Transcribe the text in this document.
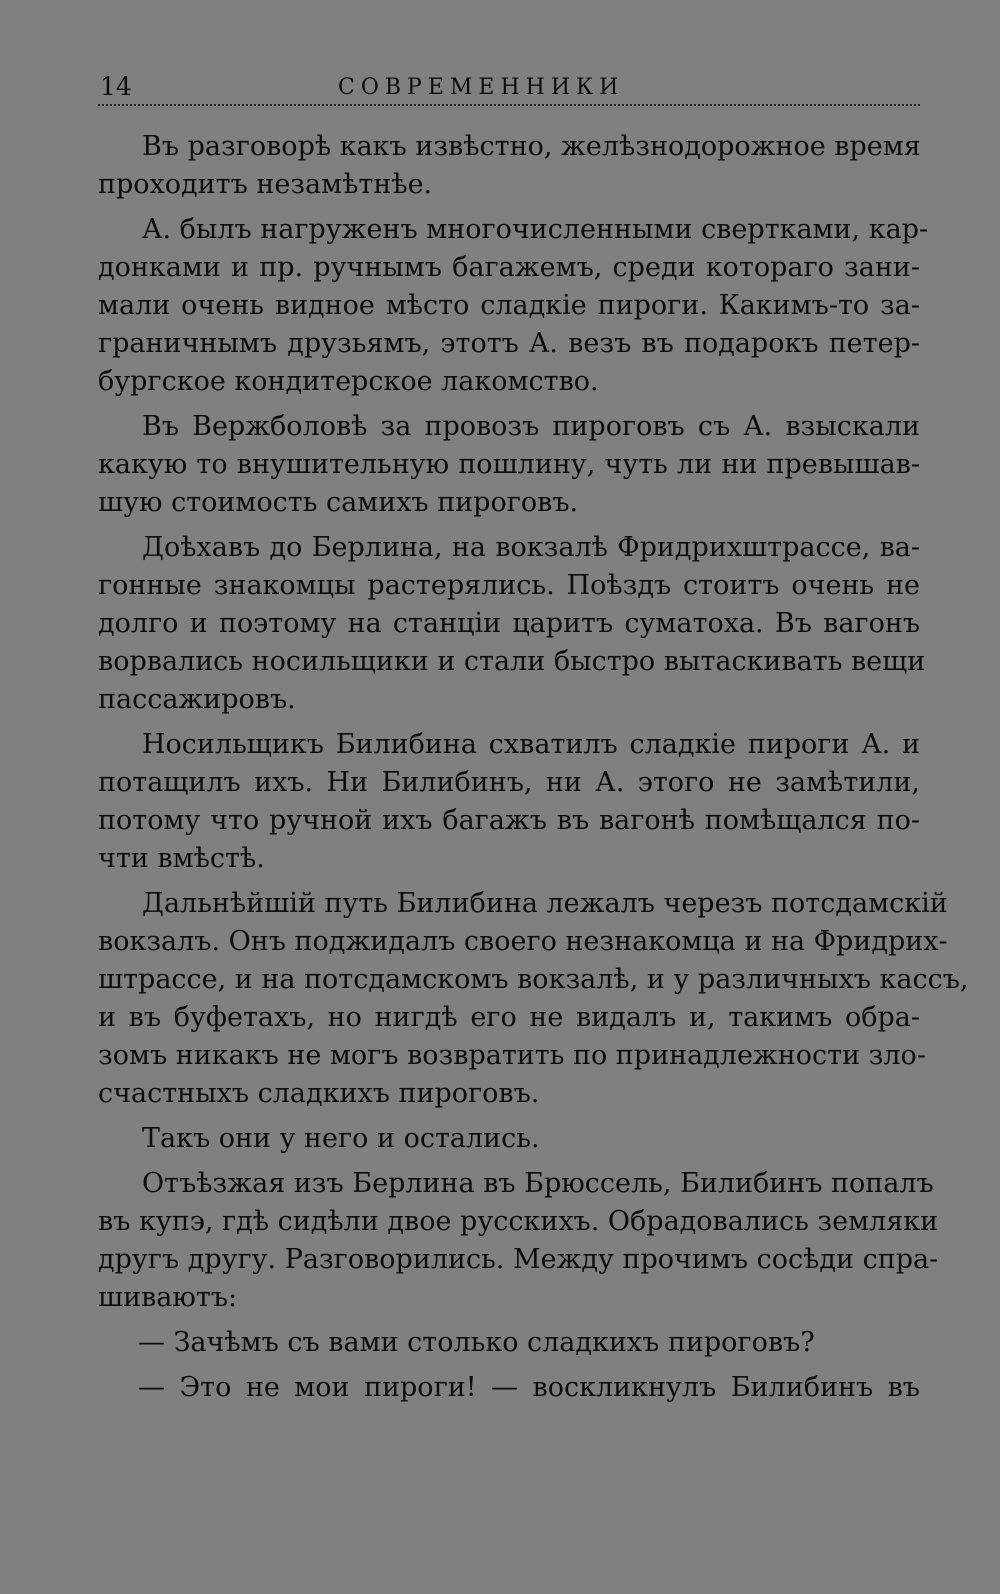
14	СОВРЕМЕННИКИ
Въ разговорѣ какъ извѣстно, желѣзнодорожное время
проходитъ незамѣтнѣе.
А. былъ нагруженъ многочисленными свертками, кар-
донками и пр. ручнымъ багажемъ, среди котораго зани-
мали очень видное мѣсто сладкіе пироги. Какимъ-то за-
граничнымъ друзьямъ, этотъ А. везъ въ подарокъ петер-
бургское кондитерское лакомство.
Въ Вержболовѣ за провозъ пироговъ съ А. взыскали
какую то внушительную пошлину, чуть ли ни превышав-
шую стоимость самихъ пироговъ.
Доѣхавъ до Берлина, на вокзалѣ Фридрихштрассе, ва-
гонные знакомцы растерялись. Поѣздъ стоитъ очень не
долго и поэтому на станціи царитъ суматоха. Въ вагонъ
ворвались носильщики и стали быстро вытаскивать вещи
пассажировъ.
Носильщикъ Билибина схватилъ сладкіе пироги А. и
потащилъ ихъ. Ни Билибинъ, ни А. этого не замѣтили,
потому что ручной ихъ багажъ въ вагонѣ помѣщался по-
чти вмѣстѣ.
Дальнѣйшій путь Билибина лежалъ черезъ потсдамскій
вокзалъ. Онъ поджидалъ своего незнакомца и на Фридрих-
штрассе, и на потсдамскомъ вокзалѣ, и у различныхъ кассъ,
и въ буфетахъ, но нигдѣ его не видалъ и, такимъ обра-
зомъ никакъ не могъ возвратить по принадлежности зло-
счастныхъ сладкихъ пироговъ.
Такъ они у него и остались.
Отъѣзжая изъ Берлина въ Брюссель, Билибинъ попалъ
въ купэ, гдѣ сидѣли двое русскихъ. Обрадовались земляки
другъ другу. Разговорились. Между прочимъ сосѣди спра-
шиваютъ:
— Зачѣмъ съ вами столько сладкихъ пироговъ?
— Это не мои пироги! — воскликнулъ Билибинъ въ
